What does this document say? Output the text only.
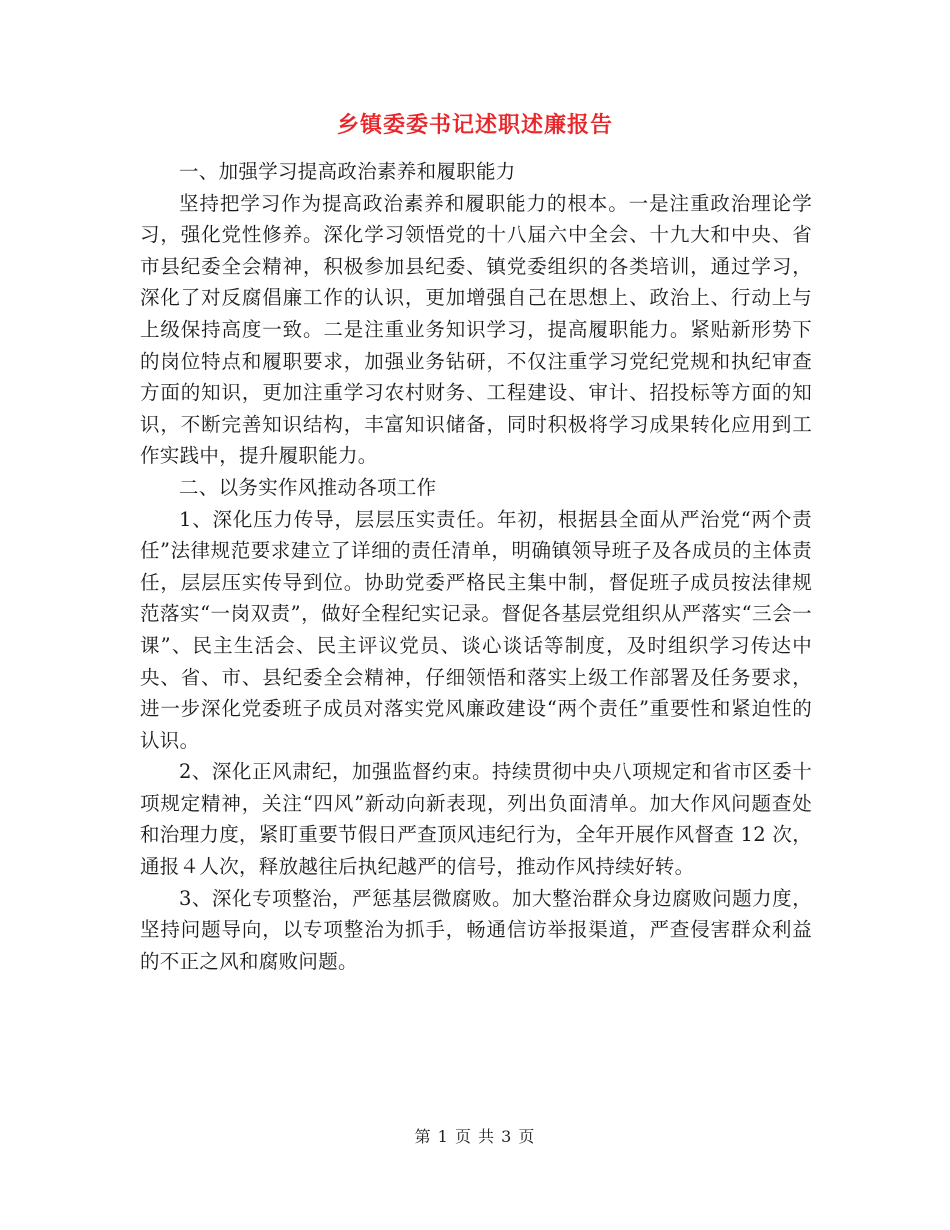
乡镇委委书记述职述廉报告

一、加强学习提高政治素养和履职能力

坚持把学习作为提高政治素养和履职能力的根本。一是注重政治理论学习，强化党性修养。深化学习领悟党的十八届六中全会、十九大和中央、省市县纪委全会精神，积极参加县纪委、镇党委组织的各类培训，通过学习，深化了对反腐倡廉工作的认识，更加增强自己在思想上、政治上、行动上与上级保持高度一致。二是注重业务知识学习，提高履职能力。紧贴新形势下的岗位特点和履职要求，加强业务钻研，不仅注重学习党纪党规和执纪审查方面的知识，更加注重学习农村财务、工程建设、审计、招投标等方面的知识，不断完善知识结构，丰富知识储备，同时积极将学习成果转化应用到工作实践中，提升履职能力。

二、以务实作风推动各项工作

1、深化压力传导，层层压实责任。年初，根据县全面从严治党“两个责任”法律规范要求建立了详细的责任清单，明确镇领导班子及各成员的主体责任，层层压实传导到位。协助党委严格民主集中制，督促班子成员按法律规范落实“一岗双责”，做好全程纪实记录。督促各基层党组织从严落实“三会一课”、民主生活会、民主评议党员、谈心谈话等制度，及时组织学习传达中央、省、市、县纪委全会精神，仔细领悟和落实上级工作部署及任务要求，进一步深化党委班子成员对落实党风廉政建设“两个责任”重要性和紧迫性的认识。

2、深化正风肃纪，加强监督约束。持续贯彻中央八项规定和省市区委十项规定精神，关注“四风”新动向新表现，列出负面清单。加大作风问题查处和治理力度，紧盯重要节假日严查顶风违纪行为，全年开展作风督查 12 次，通报４人次，释放越往后执纪越严的信号，推动作风持续好转。

3、深化专项整治，严惩基层微腐败。加大整治群众身边腐败问题力度，坚持问题导向，以专项整治为抓手，畅通信访举报渠道，严查侵害群众利益的不正之风和腐败问题。

第 1 页 共 3 页
